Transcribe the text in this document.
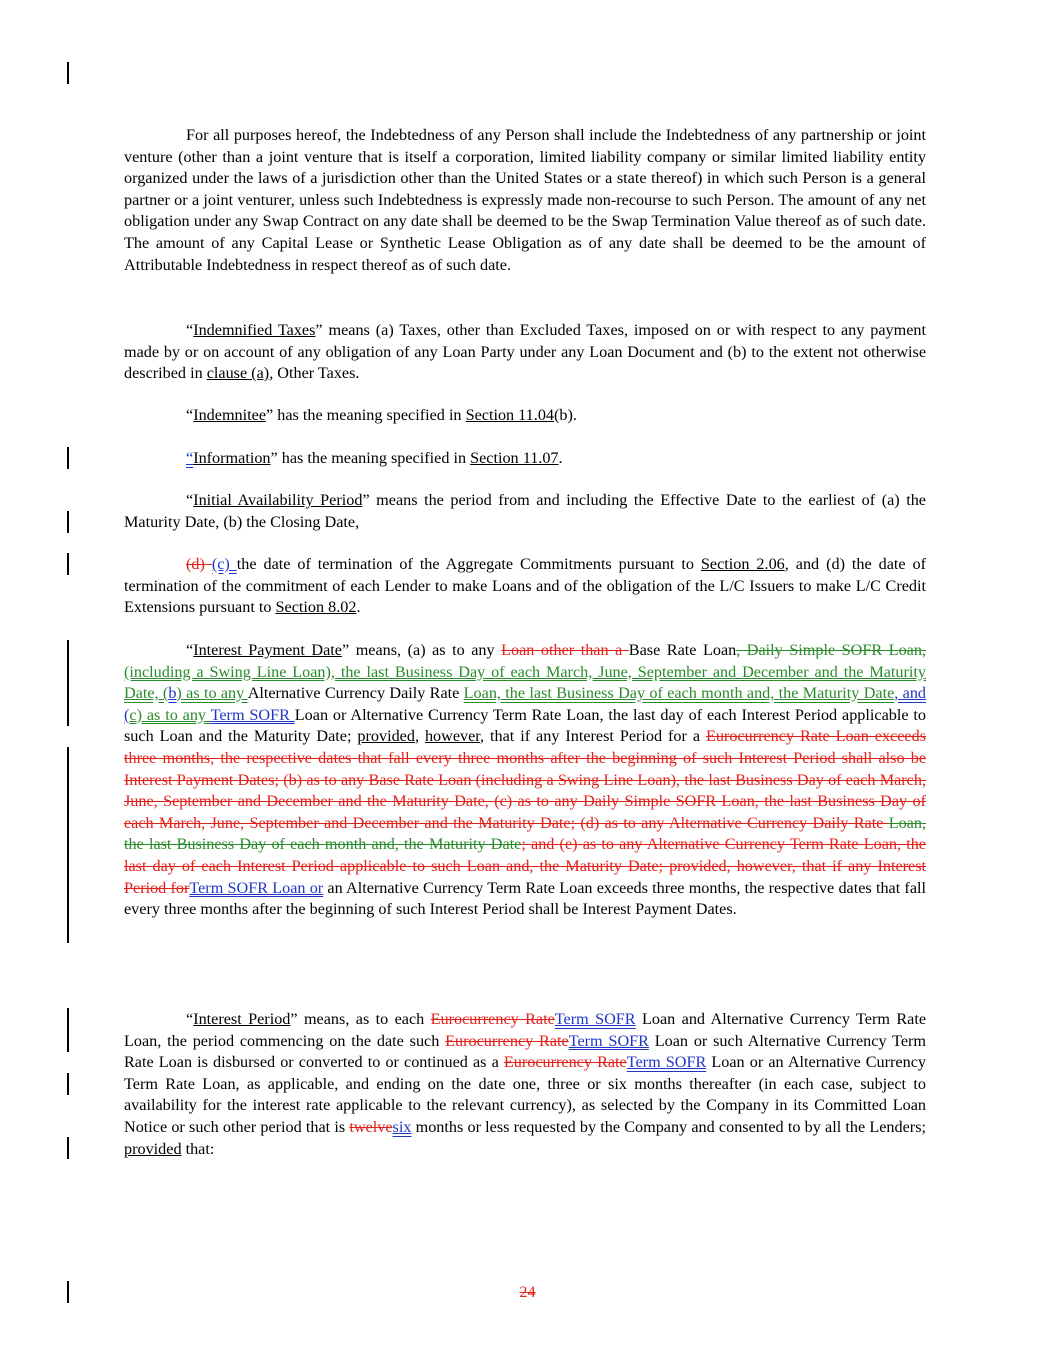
For all purposes hereof, the Indebtedness of any Person shall include the Indebtedness of any partnership or joint venture (other than a joint venture that is itself a corporation, limited liability company or similar limited liability entity organized under the laws of a jurisdiction other than the United States or a state thereof) in which such Person is a general partner or a joint venturer, unless such Indebtedness is expressly made non-recourse to such Person. The amount of any net obligation under any Swap Contract on any date shall be deemed to be the Swap Termination Value thereof as of such date. The amount of any Capital Lease or Synthetic Lease Obligation as of any date shall be deemed to be the amount of Attributable Indebtedness in respect thereof as of such date.

“Indemnified Taxes” means (a) Taxes, other than Excluded Taxes, imposed on or with respect to any payment made by or on account of any obligation of any Loan Party under any Loan Document and (b) to the extent not otherwise described in clause (a), Other Taxes.

“Indemnitee” has the meaning specified in Section 11.04(b).

“Information” has the meaning specified in Section 11.07.

“Initial Availability Period” means the period from and including the Effective Date to the earliest of (a) the Maturity Date, (b) the Closing Date,

(d) (c) the date of termination of the Aggregate Commitments pursuant to Section 2.06, and (d) the date of termination of the commitment of each Lender to make Loans and of the obligation of the L/C Issuers to make L/C Credit Extensions pursuant to Section 8.02.

“Interest Payment Date” means, (a) as to any Loan other than a Base Rate Loan, Daily Simple SOFR Loan, (including a Swing Line Loan), the last Business Day of each March, June, September and December and the Maturity Date, (b) as to any Alternative Currency Daily Rate Loan, the last Business Day of each month and, the Maturity Date, and (c) as to any Term SOFR Loan or Alternative Currency Term Rate Loan, the last day of each Interest Period applicable to such Loan and the Maturity Date; provided, however, that if any Interest Period for a Eurocurrency Rate Loan exceeds three months, the respective dates that fall every three months after the beginning of such Interest Period shall also be Interest Payment Dates; (b) as to any Base Rate Loan (including a Swing Line Loan), the last Business Day of each March, June, September and December and the Maturity Date, (c) as to any Daily Simple SOFR Loan, the last Business Day of each March, June, September and December and the Maturity Date; (d) as to any Alternative Currency Daily Rate Loan, the last Business Day of each month and, the Maturity Date; and (e) as to any Alternative Currency Term Rate Loan, the last day of each Interest Period applicable to such Loan and, the Maturity Date; provided, however, that if any Interest Period forTerm SOFR Loan or an Alternative Currency Term Rate Loan exceeds three months, the respective dates that fall every three months after the beginning of such Interest Period shall be Interest Payment Dates.

“Interest Period” means, as to each Eurocurrency RateTerm SOFR Loan and Alternative Currency Term Rate Loan, the period commencing on the date such Eurocurrency RateTerm SOFR Loan or such Alternative Currency Term Rate Loan is disbursed or converted to or continued as a Eurocurrency RateTerm SOFR Loan or an Alternative Currency Term Rate Loan, as applicable, and ending on the date one, three or six months thereafter (in each case, subject to availability for the interest rate applicable to the relevant currency), as selected by the Company in its Committed Loan Notice or such other period that is twelvesix months or less requested by the Company and consented to by all the Lenders; provided that:

24
